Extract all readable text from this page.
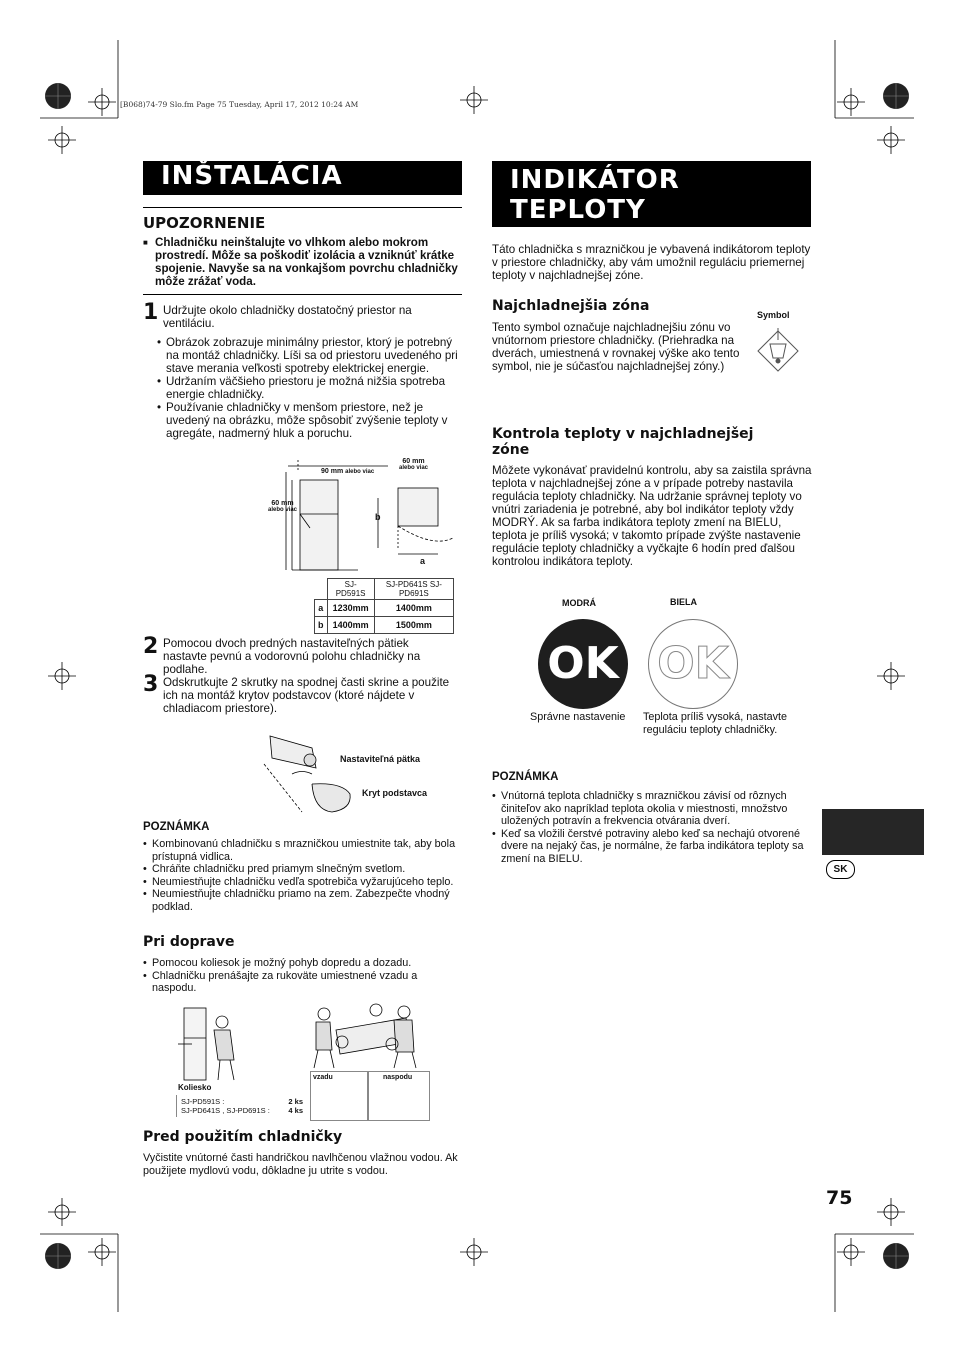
[B068)74-79 Slo.fm Page 75 Tuesday, April 17, 2012 10:24 AM
INŠTALÁCIA
UPOZORNENIE
■ Chladničku neinštalujte vo vlhkom alebo mokrom prostredí. Môže sa poškodiť izolácia a vzniknúť krátke spojenie. Navyše sa na vonkajšom povrchu chladničky môže zrážať voda.
1 Udržujte okolo chladničky dostatočný priestor na ventiláciu.
• Obrázok zobrazuje minimálny priestor, ktorý je potrebný na montáž chladničky. Líši sa od priestoru uvedeného pri stave merania veľkosti spotreby elektrickej energie.
• Udržaním väčšieho priestoru je možná nižšia spotreba energie chladničky.
• Používanie chladničky v menšom priestore, než je uvedený na obrázku, môže spôsobiť zvýšenie teploty v agregáte, nadmerný hluk a poruchu.
90 mm alebo viac
60 mm
alebo viac
60 mm
alebo viac
b
a
	SJ-PD591S	SJ-PD641S SJ-PD691S
a	1230mm	1400mm
b	1400mm	1500mm
2 Pomocou dvoch predných nastaviteľných pätiek nastavte pevnú a vodorovnú polohu chladničky na podlahe.
3 Odskrutkujte 2 skrutky na spodnej časti skrine a použite ich na montáž krytov podstavcov (ktoré nájdete v chladiacom priestore).
Nastaviteľná pätka
Kryt podstavca
POZNÁMKA
• Kombinovanú chladničku s mrazničkou umiestnite tak, aby bola prístupná vidlica.
• Chráňte chladničku pred priamym slnečným svetlom.
• Neumiestňujte chladničku vedľa spotrebiča vyžarujúceho teplo.
• Neumiestňujte chladničku priamo na zem. Zabezpečte vhodný podklad.
Pri doprave
• Pomocou koliesok je možný pohyb dopredu a dozadu.
• Chladničku prenášajte za rukoväte umiestnené vzadu a naspodu.
Koliesko
SJ-PD591S :	2 ks
SJ-PD641S , SJ-PD691S : 4 ks
vzadu	naspodu
Pred použitím chladničky
Vyčistite vnútorné časti handričkou navlhčenou vlažnou vodou. Ak použijete mydlovú vodu, dôkladne ju utrite s vodou.
INDIKÁTOR
TEPLOTY
Táto chladnička s mrazničkou je vybavená indikátorom teploty v priestore chladničky, aby vám umožnil reguláciu priemernej teploty v najchladnejšej zóne.
Najchladnejšia zóna
Tento symbol označuje najchladnejšiu zónu vo vnútornom priestore chladničky. (Priehradka na dverách, umiestnená v rovnakej výške ako tento symbol, nie je súčasťou najchladnejšej zóny.)
Symbol
Kontrola teploty v najchladnejšej zóne
Môžete vykonávať pravidelnú kontrolu, aby sa zaistila správna teplota v najchladnejšej zóne a v prípade potreby nastavila regulácia teploty chladničky. Na udržanie správnej teploty vo vnútri zariadenia je potrebné, aby bol indikátor teploty vždy MODRÝ. Ak sa farba indikátora teploty zmení na BIELU, teplota je príliš vysoká; v takomto prípade zvýšte nastavenie regulácie teploty chladničky a vyčkajte 6 hodín pred ďalšou kontrolou indikátora teploty.
MODRÁ	BIELA
OK OK
Správne nastavenie Teplota príliš vysoká, nastavte reguláciu teploty chladničky.
POZNÁMKA
• Vnútorná teplota chladničky s mrazničkou závisí od rôznych činiteľov ako napríklad teplota okolia v miestnosti, množstvo uložených potravín a frekvencia otvárania dverí.
• Keď sa vložili čerstvé potraviny alebo keď sa nechajú otvorené dvere na nejaký čas, je normálne, že farba indikátora teploty sa zmení na BIELU.
SK
75
